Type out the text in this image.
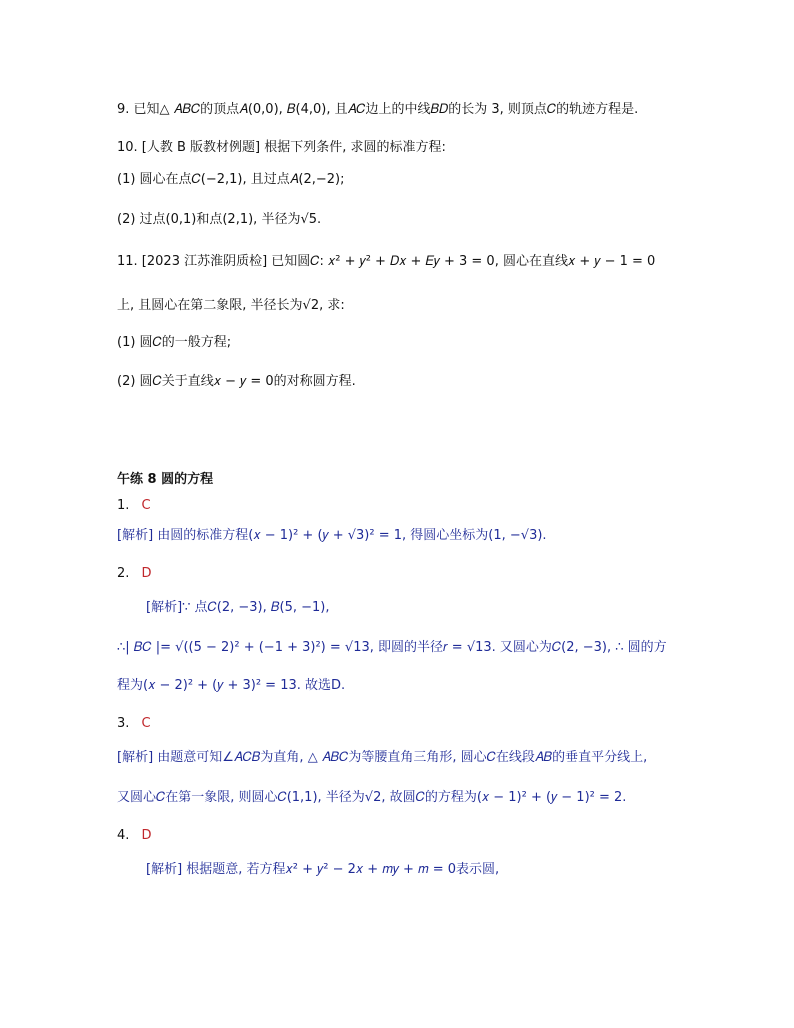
9. 已知△ 𝐴𝐵𝐶的顶点𝐴(0,0), 𝐵(4,0), 且𝐴𝐶边上的中线𝐵𝐷的长为 3, 则顶点𝐶的轨迹方程是.
10. [人教 B 版教材例题] 根据下列条件, 求圆的标准方程:
(1) 圆心在点𝐶(−2,1), 且过点𝐴(2,−2);
(2) 过点(0,1)和点(2,1), 半径为√5.
11. [2023 江苏淮阴质检] 已知圆𝐶: 𝑥² + 𝑦² + 𝐷𝑥 + 𝐸𝑦 + 3 = 0, 圆心在直线𝑥 + 𝑦 − 1 = 0
上, 且圆心在第二象限, 半径长为√2, 求:
(1) 圆𝐶的一般方程;
(2) 圆𝐶关于直线𝑥 − 𝑦 = 0的对称圆方程.
午练 8 圆的方程
1. C
[解析] 由圆的标准方程(𝑥 − 1)² + (𝑦 + √3)² = 1, 得圆心坐标为(1, −√3).
2. D
[解析]∵ 点𝐶(2, −3), 𝐵(5, −1),
∴| 𝐵𝐶 |= √((5 − 2)² + (−1 + 3)²) = √13, 即圆的半径𝑟 = √13. 又圆心为𝐶(2, −3), ∴ 圆的方
程为(𝑥 − 2)² + (𝑦 + 3)² = 13. 故选D.
3. C
[解析] 由题意可知∠𝐴𝐶𝐵为直角, △ 𝐴𝐵𝐶为等腰直角三角形, 圆心𝐶在线段𝐴𝐵的垂直平分线上,
又圆心𝐶在第一象限, 则圆心𝐶(1,1), 半径为√2, 故圆𝐶的方程为(𝑥 − 1)² + (𝑦 − 1)² = 2.
4. D
[解析] 根据题意, 若方程𝑥² + 𝑦² − 2𝑥 + 𝑚𝑦 + 𝑚 = 0表示圆,
